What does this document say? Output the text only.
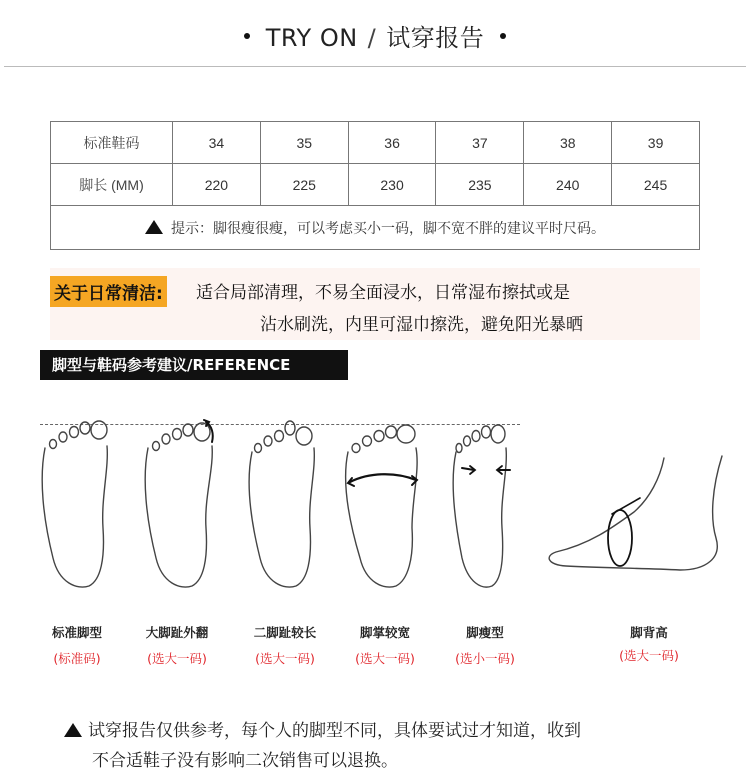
TRY ON / 试穿报告
标准鞋码	34	35	36	37	38	39
脚长 (MM)	220	225	230	235	240	245
提示：脚很瘦很瘦，可以考虑买小一码，脚不宽不胖的建议平时尺码。						
关于日常清洁: 适合局部清理，不易全面浸水，日常湿布擦拭或是
沾水刷洗，内里可湿巾擦洗，避免阳光暴晒
脚型与鞋码参考建议/REFERENCE
标准脚型
(标准码)
大脚趾外翻
(选大一码)
二脚趾较长
(选大一码)
脚掌较宽
(选大一码)
脚瘦型
(选小一码)
脚背高
(选大一码)
试穿报告仅供参考，每个人的脚型不同，具体要试过才知道，收到
不合适鞋子没有影响二次销售可以退换。
